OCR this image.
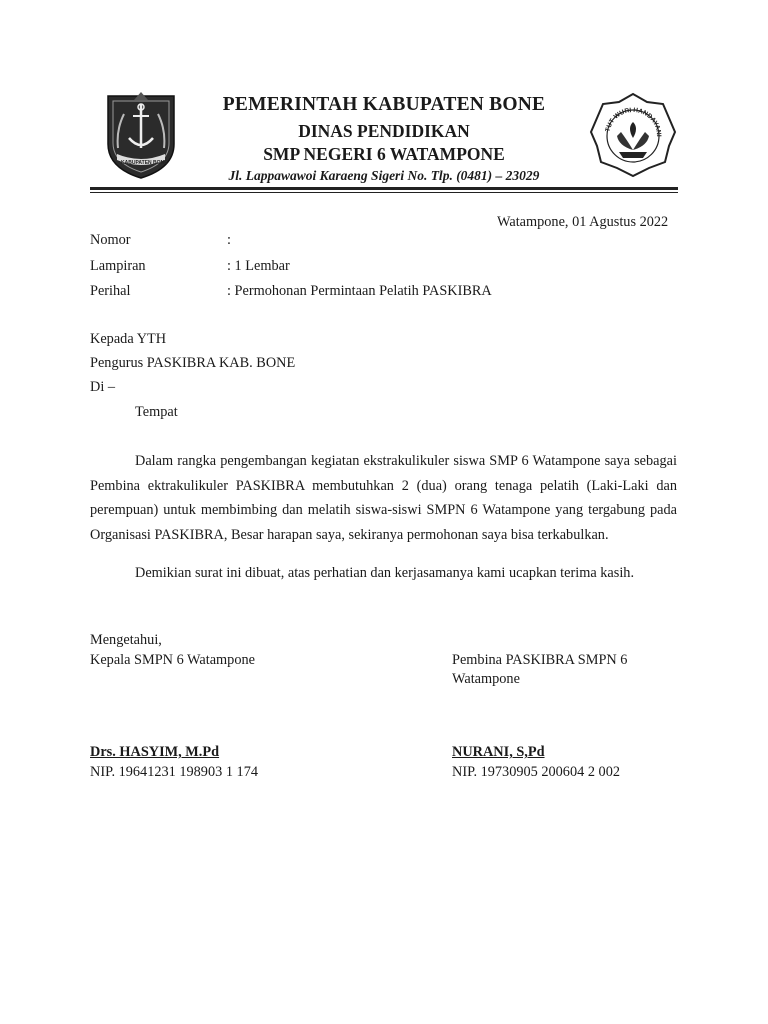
KABUPATEN BONE
PEMERINTAH KABUPATEN BONE
DINAS PENDIDIKAN
SMP NEGERI 6 WATAMPONE
Jl. Lappawawoi Karaeng Sigeri No. Tlp. (0481) – 23029
TUT WURI HANDAYANI
Watampone, 01 Agustus 2022
Nomor	:
Lampiran	: 1 Lembar
Perihal	: Permohonan Permintaan Pelatih PASKIBRA
Kepada YTH
Pengurus PASKIBRA KAB. BONE
Di –
Tempat

Dalam rangka pengembangan kegiatan ekstrakulikuler siswa SMP 6 Watampone saya sebagai Pembina ektrakulikuler PASKIBRA membutuhkan 2 (dua) orang tenaga pelatih (Laki-Laki dan perempuan) untuk membimbing dan melatih siswa-siswi SMPN 6 Watampone yang tergabung pada Organisasi PASKIBRA, Besar harapan saya, sekiranya permohonan saya bisa terkabulkan.

Demikian surat ini dibuat, atas perhatian dan kerjasamanya kami ucapkan terima kasih.

Mengetahui,
Kepala SMPN 6 Watampone	Pembina PASKIBRA SMPN 6
Watampone
Drs. HASYIM, M.Pd	NURANI, S,Pd
NIP. 19641231 198903 1 174	NIP. 19730905 200604 2 002
